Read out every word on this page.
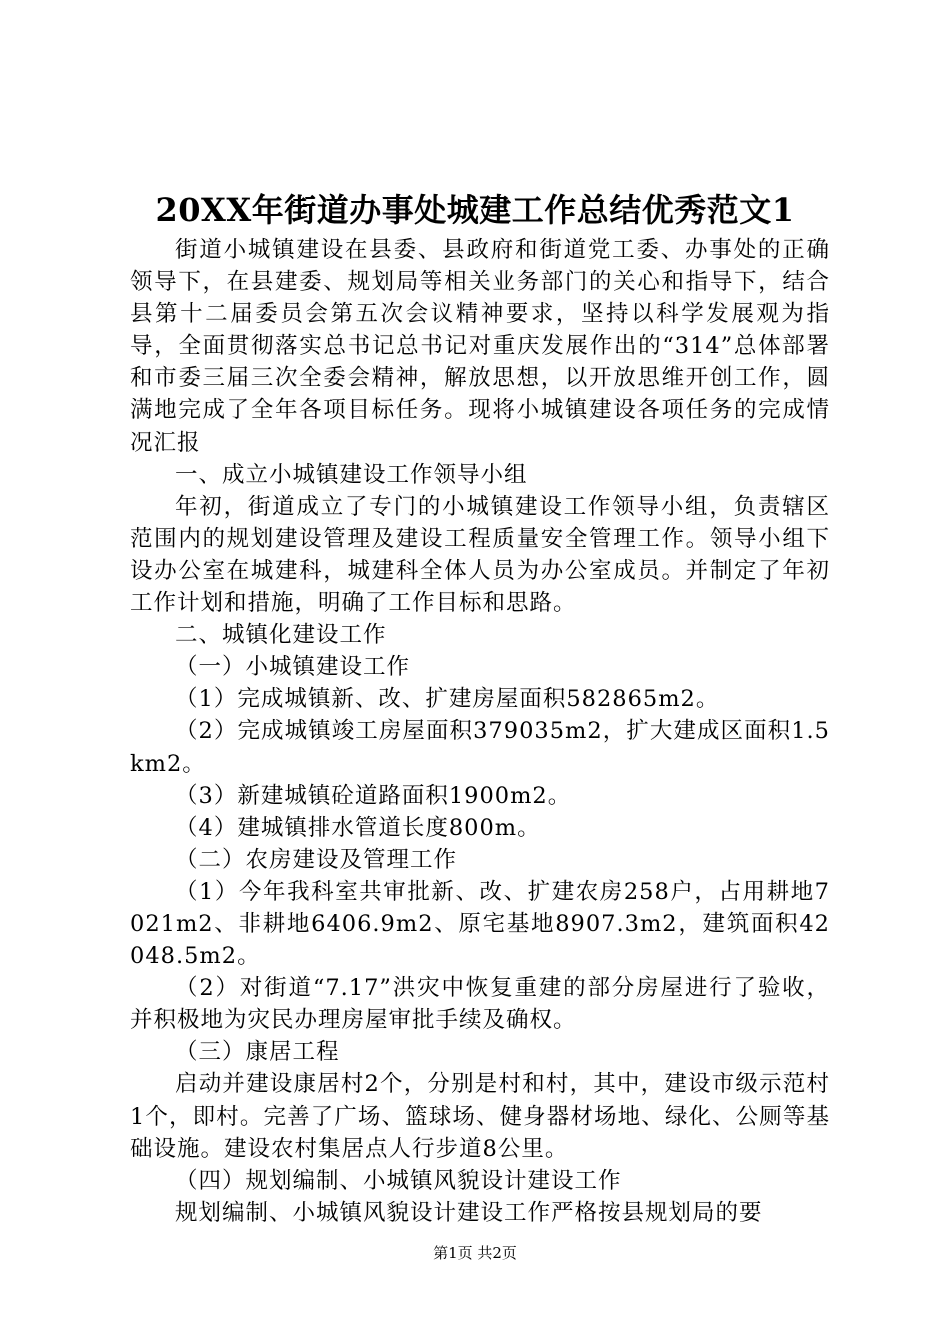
20XX年街道办事处城建工作总结优秀范文1

街道小城镇建设在县委、县政府和街道党工委、办事处的正确领导下，在县建委、规划局等相关业务部门的关心和指导下，结合县第十二届委员会第五次会议精神要求，坚持以科学发展观为指导，全面贯彻落实总书记总书记对重庆发展作出的“314”总体部署和市委三届三次全委会精神，解放思想，以开放思维开创工作，圆满地完成了全年各项目标任务。现将小城镇建设各项任务的完成情况汇报

一、成立小城镇建设工作领导小组

年初，街道成立了专门的小城镇建设工作领导小组，负责辖区范围内的规划建设管理及建设工程质量安全管理工作。领导小组下设办公室在城建科，城建科全体人员为办公室成员。并制定了年初工作计划和措施，明确了工作目标和思路。

二、城镇化建设工作

（一）小城镇建设工作

（1）完成城镇新、改、扩建房屋面积582865m2。

（2）完成城镇竣工房屋面积379035m2，扩大建成区面积1.5km2。

（3）新建城镇砼道路面积1900m2。

（4）建城镇排水管道长度800m。

（二）农房建设及管理工作

（1）今年我科室共审批新、改、扩建农房258户，占用耕地7021m2、非耕地6406.9m2、原宅基地8907.3m2，建筑面积42048.5m2。

（2）对街道“7.17”洪灾中恢复重建的部分房屋进行了验收，并积极地为灾民办理房屋审批手续及确权。

（三）康居工程

启动并建设康居村2个，分别是村和村，其中，建设市级示范村1个，即村。完善了广场、篮球场、健身器材场地、绿化、公厕等基础设施。建设农村集居点人行步道8公里。

（四）规划编制、小城镇风貌设计建设工作

规划编制、小城镇风貌设计建设工作严格按县规划局的要

第1页 共2页
